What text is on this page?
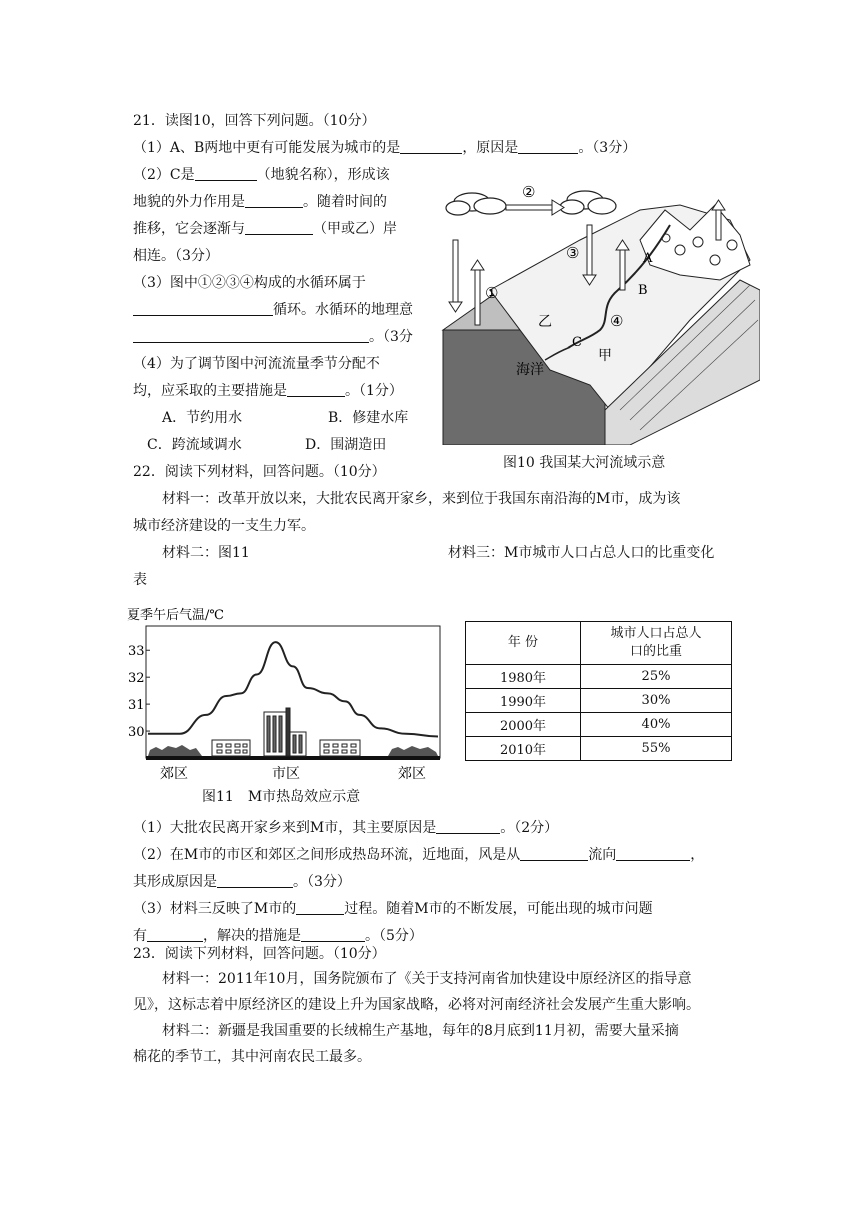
21．读图10，回答下列问题。（10分）
（1）A、B两地中更有可能发展为城市的是	，原因是	。（3分）
（2）C是	（地貌名称），形成该
地貌的外力作用是	。随着时间的
推移，它会逐渐与	（甲或乙）岸
相连。（3分）
（3）图中①②③④构成的水循环属于
循环。水循环的地理意
。（3分
（4）为了调节图中河流流量季节分配不
均，应采取的主要措施是	。（1分）
A．节约用水	B．修建水库
C．跨流域调水	D．围湖造田
②
①
③
④
A
B
C
乙
甲
海洋
图10 我国某大河流域示意
22．阅读下列材料，回答问题。（10分）
材料一：改革开放以来，大批农民离开家乡，来到位于我国东南沿海的M市，成为该
城市经济建设的一支生力军。
材料二：图11	材料三：M市城市人口占总人口的比重变化
表
夏季午后气温/℃
33
32
31
30
郊区	市区	郊区
图11　M市热岛效应示意
年 份	城市人口占总人口的比重

1980年	25%
1990年	30%
2000年	40%
2010年	55%
（1）大批农民离开家乡来到M市，其主要原因是	。（2分）
（2）在M市的市区和郊区之间形成热岛环流，近地面，风是从	流向	，
其形成原因是	。（3分）
（3）材料三反映了M市的	过程。随着M市的不断发展，可能出现的城市问题
有	，解决的措施是	。（5分）
23．阅读下列材料，回答问题。（10分）
材料一：2011年10月，国务院颁布了《关于支持河南省加快建设中原经济区的指导意
见》，这标志着中原经济区的建设上升为国家战略，必将对河南经济社会发展产生重大影响。
材料二：新疆是我国重要的长绒棉生产基地，每年的8月底到11月初，需要大量采摘
棉花的季节工，其中河南农民工最多。
